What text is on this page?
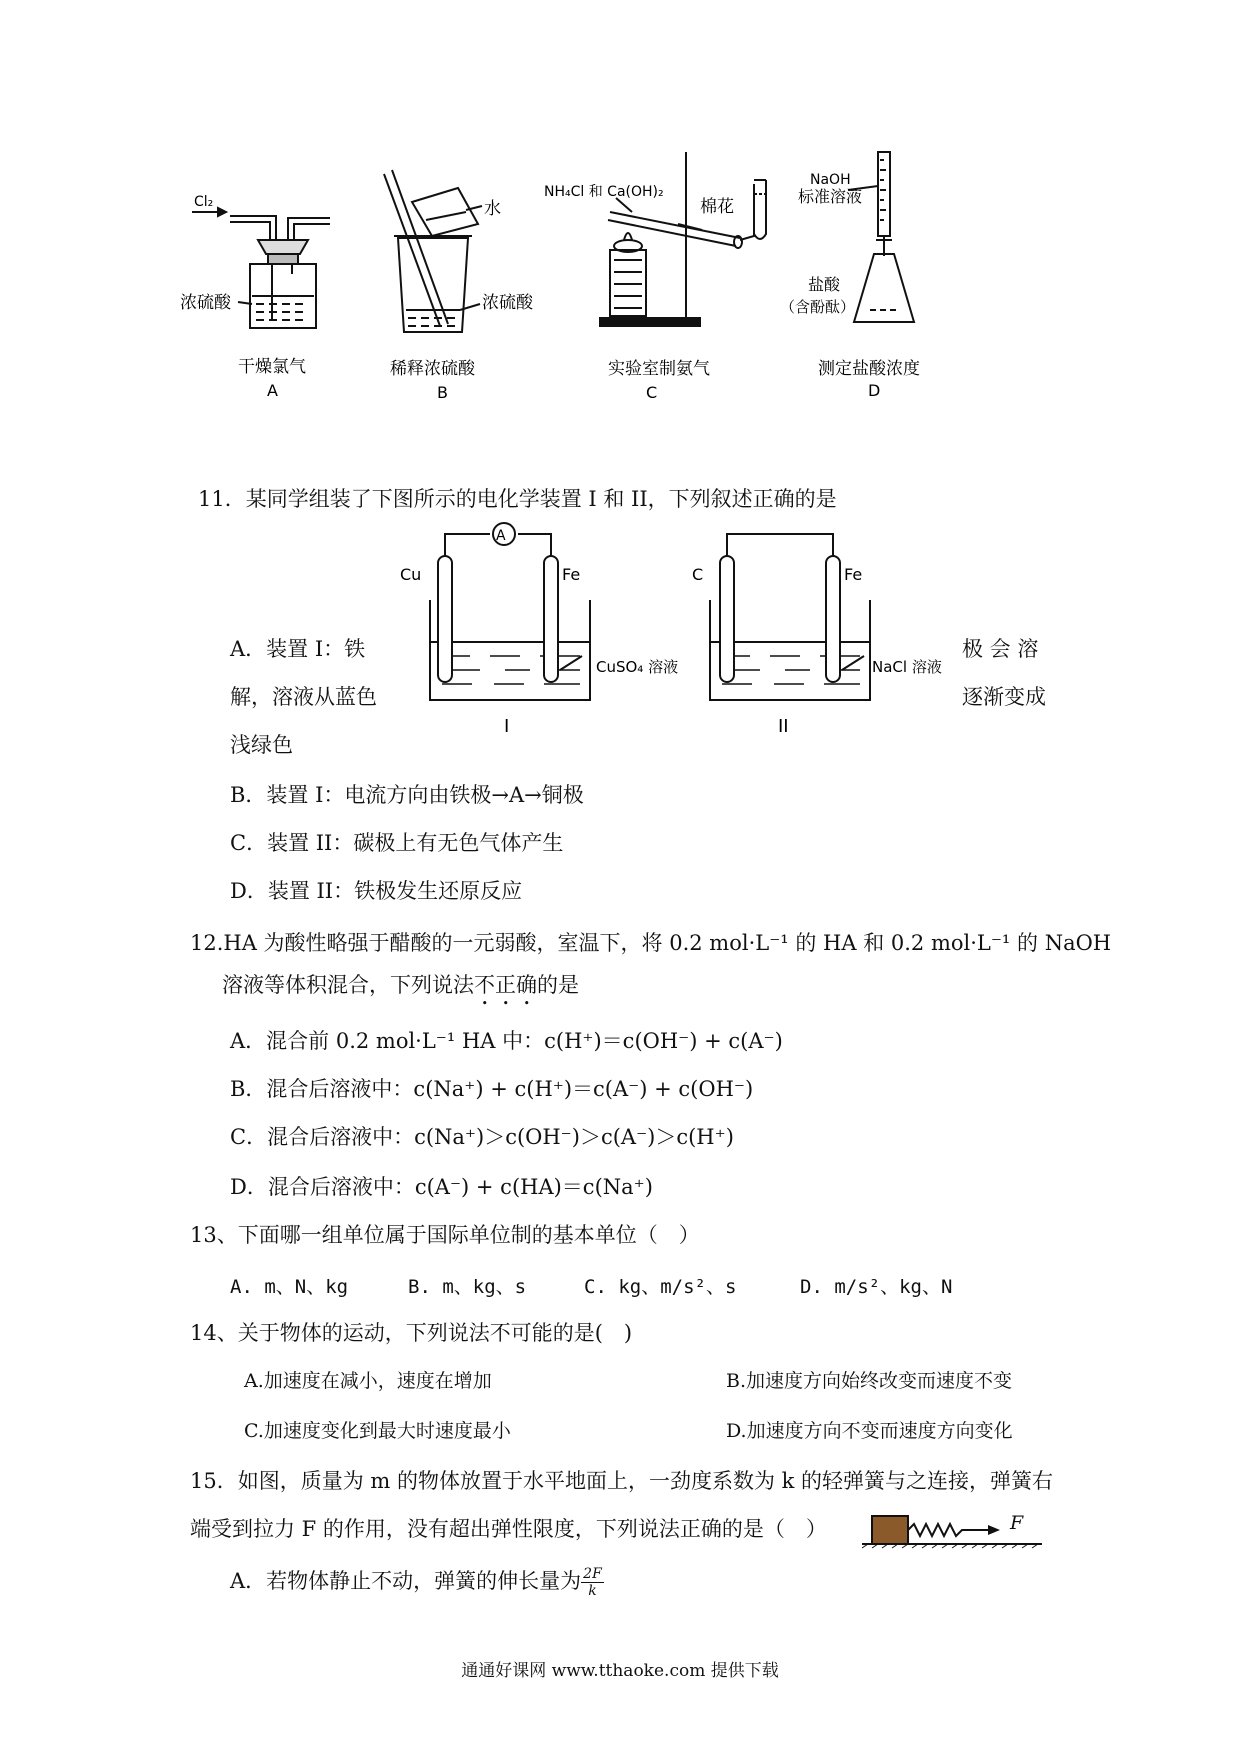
Cl₂
浓硫酸
干燥氯气
A
水
浓硫酸
稀释浓硫酸
B
NH₄Cl 和 Ca(OH)₂
棉花
实验室制氨气
C
NaOH
标准溶液
盐酸
（含酚酞）
测定盐酸浓度
D
11．某同学组装了下图所示的电化学装置 I 和 II，下列叙述正确的是
A
Cu	Fe
CuSO₄ 溶液
I
C	Fe
NaCl 溶液
II
A．装置 I：铁
解，溶液从蓝色
浅绿色
极 会 溶
逐渐变成
B．装置 I：电流方向由铁极→A→铜极
C．装置 II：碳极上有无色气体产生
D．装置 II：铁极发生还原反应
12.HA 为酸性略强于醋酸的一元弱酸，室温下，将 0.2 mol·L⁻¹ 的 HA 和 0.2 mol·L⁻¹ 的 NaOH
溶液等体积混合，下列说法不正确的是
A．混合前 0.2 mol·L⁻¹ HA 中：c(H⁺)＝c(OH⁻) + c(A⁻)
B．混合后溶液中：c(Na⁺) + c(H⁺)＝c(A⁻) + c(OH⁻)
C．混合后溶液中：c(Na⁺)＞c(OH⁻)＞c(A⁻)＞c(H⁺)
D．混合后溶液中：c(A⁻) + c(HA)＝c(Na⁺)
13、下面哪一组单位属于国际单位制的基本单位（　）
A. m、N、kg	B. m、kg、s	C. kg、m/s²、s	D. m/s²、kg、N
14、关于物体的运动，下列说法不可能的是(　)
A.加速度在减小，速度在增加	B.加速度方向始终改变而速度不变
C.加速度变化到最大时速度最小	D.加速度方向不变而速度方向变化
15．如图，质量为 m 的物体放置于水平地面上，一劲度系数为 k 的轻弹簧与之连接，弹簧右
端受到拉力 F 的作用，没有超出弹性限度，下列说法正确的是（　）	F
A．若物体静止不动，弹簧的伸长量为 $\frac{2F}{k}$
通通好课网 www.tthaoke.com 提供下载
